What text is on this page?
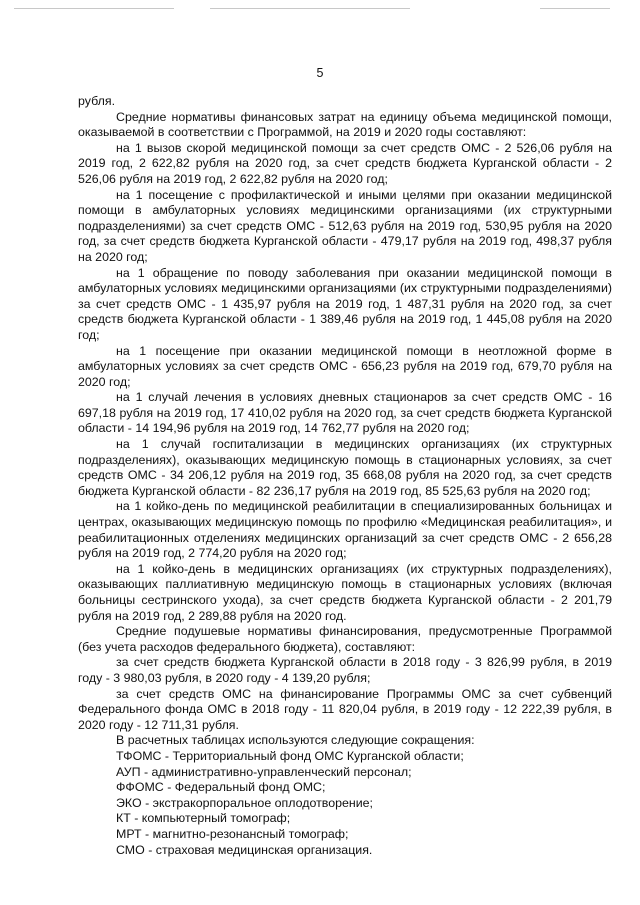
5

рубля.

Средние нормативы финансовых затрат на единицу объема медицинской помощи, оказываемой в соответствии с Программой, на 2019 и 2020 годы составляют:

на 1 вызов скорой медицинской помощи за счет средств ОМС - 2 526,06 рубля на 2019 год, 2 622,82 рубля на 2020 год, за счет средств бюджета Курганской области - 2 526,06 рубля на 2019 год, 2 622,82 рубля на 2020 год;

на 1 посещение с профилактической и иными целями при оказании медицинской помощи в амбулаторных условиях медицинскими организациями (их структурными подразделениями) за счет средств ОМС - 512,63 рубля на 2019 год, 530,95 рубля на 2020 год, за счет средств бюджета Курганской области - 479,17 рубля на 2019 год, 498,37 рубля на 2020 год;

на 1 обращение по поводу заболевания при оказании медицинской помощи в амбулаторных условиях медицинскими организациями (их структурными подразделениями) за счет средств ОМС - 1 435,97 рубля на 2019 год, 1 487,31 рубля на 2020 год, за счет средств бюджета Курганской области - 1 389,46 рубля на 2019 год, 1 445,08 рубля на 2020 год;

на 1 посещение при оказании медицинской помощи в неотложной форме в амбулаторных условиях за счет средств ОМС - 656,23 рубля на 2019 год, 679,70 рубля на 2020 год;

на 1 случай лечения в условиях дневных стационаров за счет средств ОМС - 16 697,18 рубля на 2019 год, 17 410,02 рубля на 2020 год, за счет средств бюджета Курганской области - 14 194,96 рубля на 2019 год, 14 762,77 рубля на 2020 год;

на 1 случай госпитализации в медицинских организациях (их структурных подразделениях), оказывающих медицинскую помощь в стационарных условиях, за счет средств ОМС - 34 206,12 рубля на 2019 год, 35 668,08 рубля на 2020 год, за счет средств бюджета Курганской области - 82 236,17 рубля на 2019 год, 85 525,63 рубля на 2020 год;

на 1 койко-день по медицинской реабилитации в специализированных больницах и центрах, оказывающих медицинскую помощь по профилю «Медицинская реабилитация», и реабилитационных отделениях медицинских организаций за счет средств ОМС - 2 656,28 рубля на 2019 год, 2 774,20 рубля на 2020 год;

на 1 койко-день в медицинских организациях (их структурных подразделениях), оказывающих паллиативную медицинскую помощь в стационарных условиях (включая больницы сестринского ухода), за счет средств бюджета Курганской области - 2 201,79 рубля на 2019 год, 2 289,88 рубля на 2020 год.

Средние подушевые нормативы финансирования, предусмотренные Программой (без учета расходов федерального бюджета), составляют:

за счет средств бюджета Курганской области в 2018 году - 3 826,99 рубля, в 2019 году - 3 980,03 рубля, в 2020 году - 4 139,20 рубля;

за счет средств ОМС на финансирование Программы ОМС за счет субвенций Федерального фонда ОМС в 2018 году - 11 820,04 рубля, в 2019 году - 12 222,39 рубля, в 2020 году - 12 711,31 рубля.

В расчетных таблицах используются следующие сокращения:

ТФОМС - Территориальный фонд ОМС Курганской области;

АУП - административно-управленческий персонал;

ФФОМС - Федеральный фонд ОМС;

ЭКО - экстракорпоральное оплодотворение;

КТ - компьютерный томограф;

МРТ - магнитно-резонансный томограф;

СМО - страховая медицинская организация.
